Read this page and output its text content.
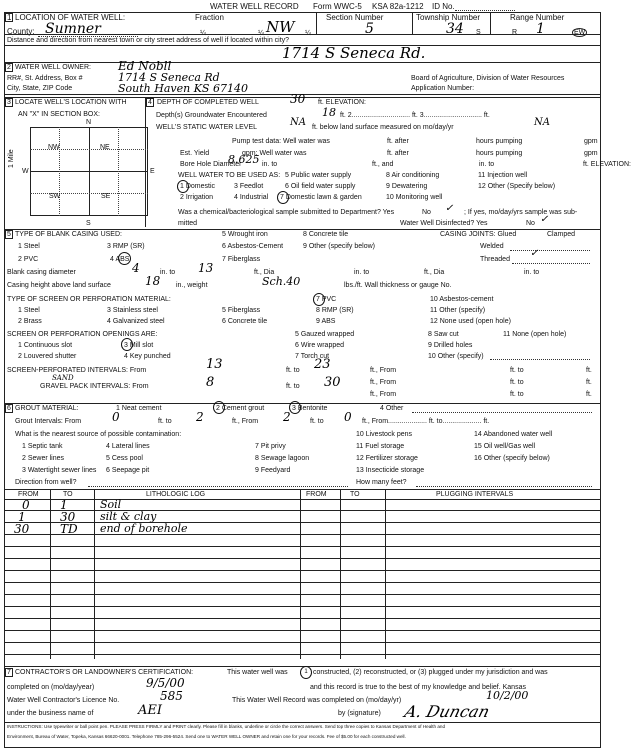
WATER WELL RECORD Form WWC-5 KSA 82a-1212 ID No.
1 LOCATION OF WATER WELL:
County: Sumner
Fraction
¼	¼ NW ¼
Section Number
5
Township Number
34 S
Range Number
R 1	EW
Distance and direction from nearest town or city street address of well if located within city?
1714 S Seneca Rd.
2 WATER WELL OWNER: Ed Nobll
RR#, St. Address, Box #	1714 S Seneca Rd
City, State, ZIP Code	South Haven KS 67140
Board of Agriculture, Division of Water Resources
Application Number:
3 LOCATE WELL'S LOCATION WITH
AN "X" IN SECTION BOX:
4
N
NW	NE
SW	SE
W	E
S
1 Mile
DEPTH OF COMPLETED WELL	30 ft. ELEVATION:
Depth(s) Groundwater Encountered	18 ft. 2.............................. ft. 3.............................. ft.
WELL'S STATIC WATER LEVEL	NA ft. below land surface measured on mo/day/yr	NA
Pump test data: Well water was	ft. after	hours pumping	gpm
Est. Yield	gpm: Well water was	ft. after	hours pumping	gpm
Bore Hole Diameter
8.625 in. to	ft., and	in. to	ft. ELEVATION:
WELL WATER TO BE USED AS:
1 Domestic	3 Feedlot
5 Public water supply
6 Oil field water supply
8 Air conditioning
9 Dewatering
11 Injection well
12 Other (Specify below)
2 Irrigation	4 Industrial 7 Domestic lawn & garden	10 Monitoring well
Was a chemical/bacteriological sample submitted to Department? Yes	No ✓ ; If yes, mo/day/yrs sample was sub-
mitted	Water Well Disinfected? Yes	No ✓
5 TYPE OF BLANK CASING USED:
1 Steel	3 RMP (SR)
5 Wrought iron	8 Concrete tile
2 PVC	4 ABS
6 Asbestos-Cement
7 Fiberglass
9 Other (specify below)
CASING JOINTS: Glued	Clamped
Welded
Threaded
✓
Blank casing diameter	4	in. to 13	ft., Dia	in. to	ft., Dia	in. to
Casing height above land surface	18 in., weight	Sch.40	lbs./ft. Wall thickness or gauge No.
TYPE OF SCREEN OR PERFORATION MATERIAL:
1 Steel	3 Stainless steel	5 Fiberglass
7 PVC	10 Asbestos-cement
2 Brass	4 Galvanized steel	6 Concrete tile
8 RMP (SR)
9 ABS
11 Other (specify)
12 None used (open hole)
SCREEN OR PERFORATION OPENINGS ARE:
1 Continuous slot
2 Louvered shutter
3 Mill slot
4 Key punched
5 Gauzed wrapped
6 Wire wrapped
7 Torch cut
8 Saw cut
9 Drilled holes
10 Other (specify)
11 None (open hole)
SCREEN-PERFORATED INTERVALS: From	13	ft. to 23	ft., From	ft. to	ft.
ft., From	ft. to	ft.
SAND
GRAVEL PACK INTERVALS: From	8	ft. to 30
ft., From	ft. to	ft.
6 GROUT MATERIAL:	1 Neat cement	2 Cement grout	3 Bentonite	4 Other
Grout Intervals: From	0	ft. to 2	ft., From 2	ft. to 0 ft., From.................... ft. to.................... ft.
What is the nearest source of possible contamination:
1 Septic tank	4 Lateral lines	7 Pit privy
10 Livestock pens	14 Abandoned water well
2 Sewer lines	5 Cess pool	8 Sewage lagoon
11 Fuel storage	15 Oil well/Gas well
3 Watertight sewer lines 6 Seepage pit	9 Feedyard
12 Fertilizer storage	16 Other (specify below)
13 Insecticide storage
Direction from well?	How many feet?
FROM	TO	LITHOLOGIC LOG	FROM	TO	PLUGGING INTERVALS
0	1	Soil
1	30 silt & clay
30	TD end of borehole
7 CONTRACTOR'S OR LANDOWNER'S CERTIFICATION:	This water well was	1 constructed, (2) reconstructed, or (3) plugged under my jurisdiction and was
completed on (mo/day/year)	9/5/00	and this record is true to the best of my knowledge and belief. Kansas
Water Well Contractor's Licence No.	585	This Water Well Record was completed on (mo/day/yr)	10/2/00
under the business name of	AEI	by (signature) A. Duncan
INSTRUCTIONS: Use typewriter or ball point pen. PLEASE PRESS FIRMLY and PRINT clearly. Please fill in blanks, underline or circle the correct answers. Send top three copies to Kansas Department of Health and
Environment, Bureau of Water, Topeka, Kansas 66620-0001. Telephone 785-296-5524. Send one to WATER WELL OWNER and retain one for your records. Fee of $5.00 for each constructed well.
